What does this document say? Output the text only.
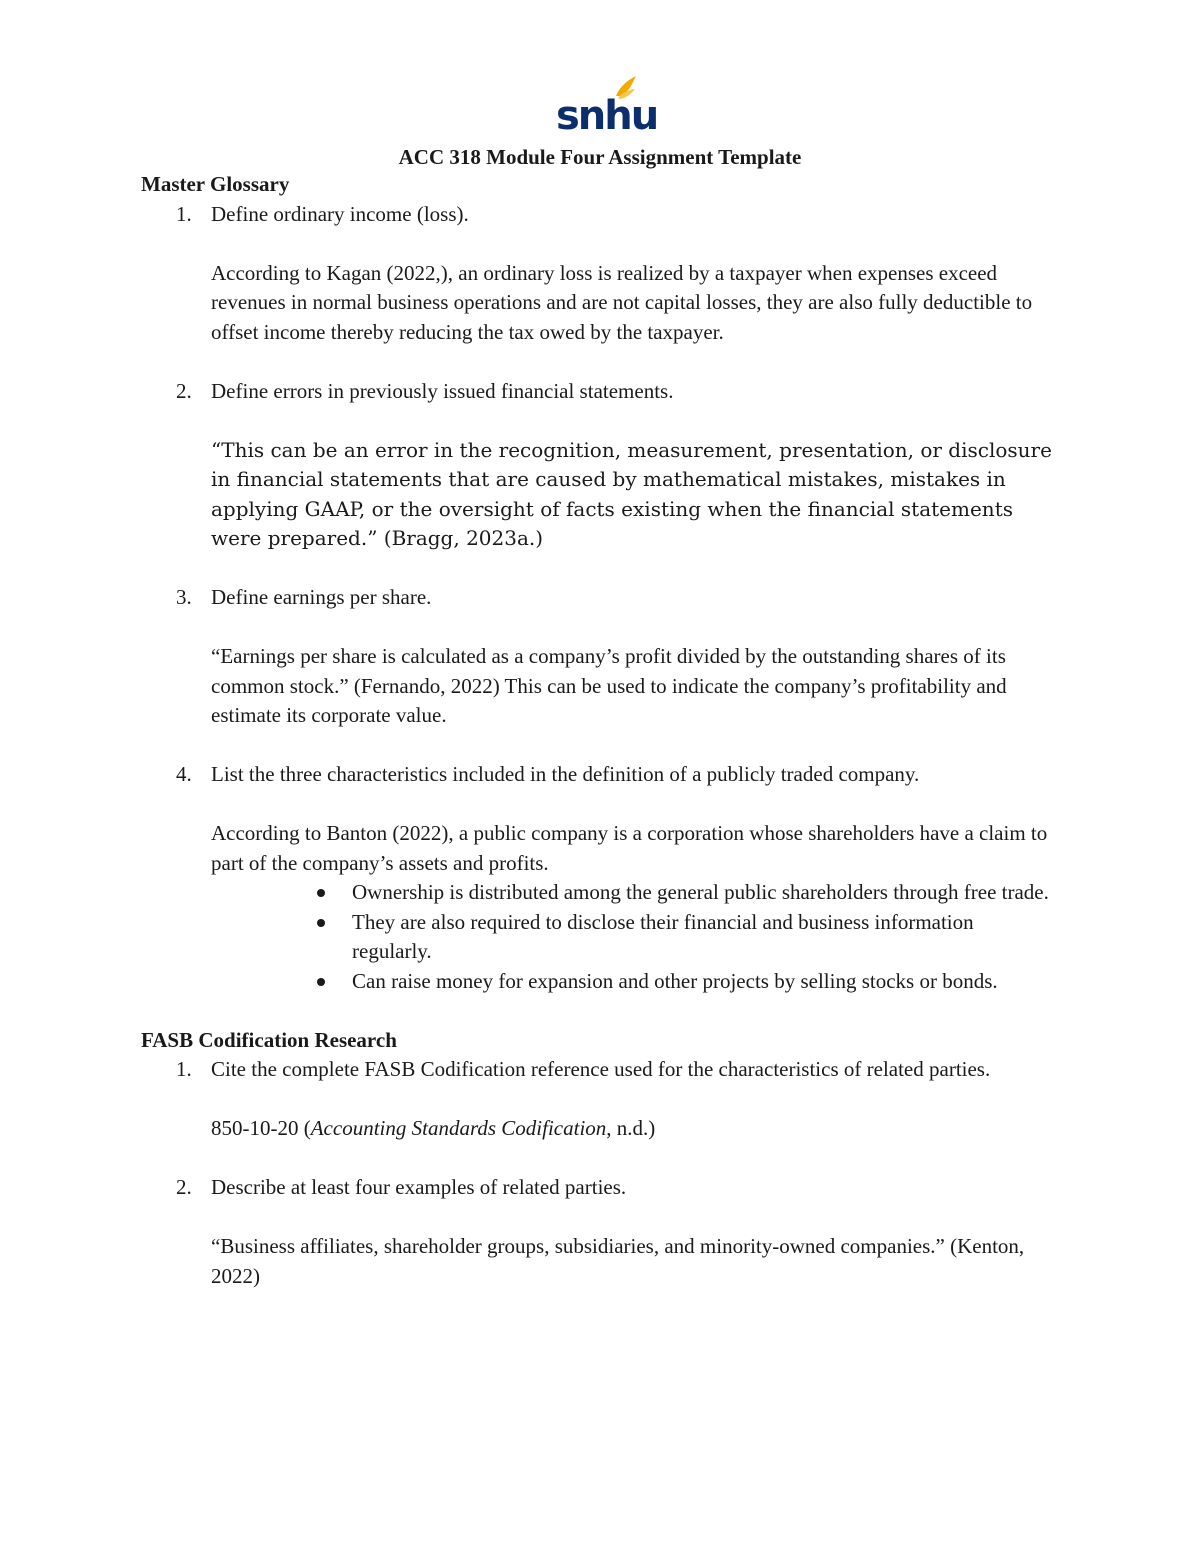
snhu
ACC 318 Module Four Assignment Template
Master Glossary
1. Define ordinary income (loss).
According to Kagan (2022,), an ordinary loss is realized by a taxpayer when expenses exceed revenues in normal business operations and are not capital losses, they are also fully deductible to offset income thereby reducing the tax owed by the taxpayer.
2. Define errors in previously issued financial statements.
“This can be an error in the recognition, measurement, presentation, or disclosure in financial statements that are caused by mathematical mistakes, mistakes in applying GAAP, or the oversight of facts existing when the financial statements were prepared.” (Bragg, 2023a.)
3. Define earnings per share.
“Earnings per share is calculated as a company’s profit divided by the outstanding shares of its common stock.” (Fernando, 2022) This can be used to indicate the company’s profitability and estimate its corporate value.
4. List the three characteristics included in the definition of a publicly traded company.
According to Banton (2022), a public company is a corporation whose shareholders have a claim to part of the company’s assets and profits.
Ownership is distributed among the general public shareholders through free trade.
They are also required to disclose their financial and business information regularly.
Can raise money for expansion and other projects by selling stocks or bonds.
FASB Codification Research
1. Cite the complete FASB Codification reference used for the characteristics of related parties.
850-10-20 (Accounting Standards Codification, n.d.)
2. Describe at least four examples of related parties.
“Business affiliates, shareholder groups, subsidiaries, and minority-owned companies.” (Kenton, 2022)
